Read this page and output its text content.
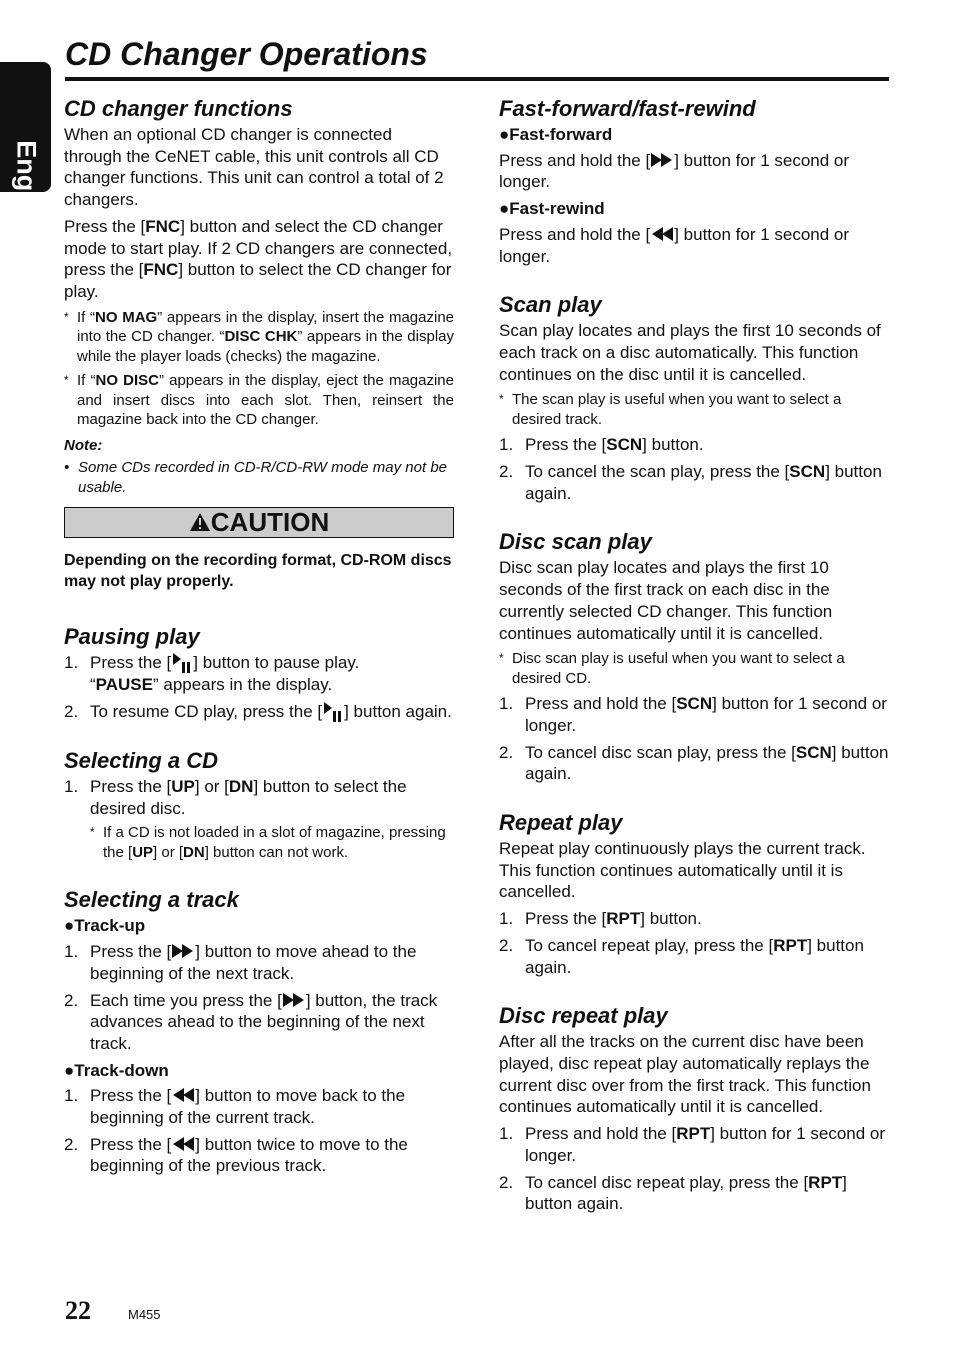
English
CD Changer Operations
CD changer functions

When an optional CD changer is connected through the CeNET cable, this unit controls all CD changer functions. This unit can control a total of 2 changers.

Press the [FNC] button and select the CD changer mode to start play. If 2 CD changers are connected, press the [FNC] button to select the CD changer for play.

* If “NO MAG” appears in the display, insert the magazine into the CD changer. “DISC CHK” appears in the display while the player loads (checks) the magazine.
* If “NO DISC” appears in the display, eject the magazine and insert discs into each slot. Then, reinsert the magazine back into the CD changer.
Note:
• Some CDs recorded in CD-R/CD-RW mode may not be usable.
CAUTION

Depending on the recording format, CD-ROM discs may not play properly.

Pausing play
1. Press the [ ] button to pause play.
“PAUSE” appears in the display.
2. To resume CD play, press the [ ] button again.
Selecting a CD
1. Press the [UP] or [DN] button to select the desired disc.
* If a CD is not loaded in a slot of magazine, pressing the [UP] or [DN] button can not work.
Selecting a track
●Track-up
1. Press the [ ] button to move ahead to the beginning of the next track.
2. Each time you press the [ ] button, the track advances ahead to the beginning of the next track.
●Track-down
1. Press the [ ] button to move back to the beginning of the current track.
2. Press the [ ] button twice to move to the beginning of the previous track.
Fast-forward/fast-rewind
●Fast-forward

Press and hold the [ ] button for 1 second or longer.

●Fast-rewind

Press and hold the [ ] button for 1 second or longer.

Scan play

Scan play locates and plays the first 10 seconds of each track on a disc automatically. This function continues on the disc until it is cancelled.

* The scan play is useful when you want to select a desired track.
1. Press the [SCN] button.
2. To cancel the scan play, press the [SCN] button again.
Disc scan play

Disc scan play locates and plays the first 10 seconds of the first track on each disc in the currently selected CD changer. This function continues automatically until it is cancelled.

* Disc scan play is useful when you want to select a desired CD.
1. Press and hold the [SCN] button for 1 second or longer.
2. To cancel disc scan play, press the [SCN] button again.
Repeat play

Repeat play continuously plays the current track. This function continues automatically until it is cancelled.

1. Press the [RPT] button.
2. To cancel repeat play, press the [RPT] button again.
Disc repeat play

After all the tracks on the current disc have been played, disc repeat play automatically replays the current disc over from the first track. This function continues automatically until it is cancelled.

1. Press and hold the [RPT] button for 1 second or longer.
2. To cancel disc repeat play, press the [RPT] button again.
22	M455
